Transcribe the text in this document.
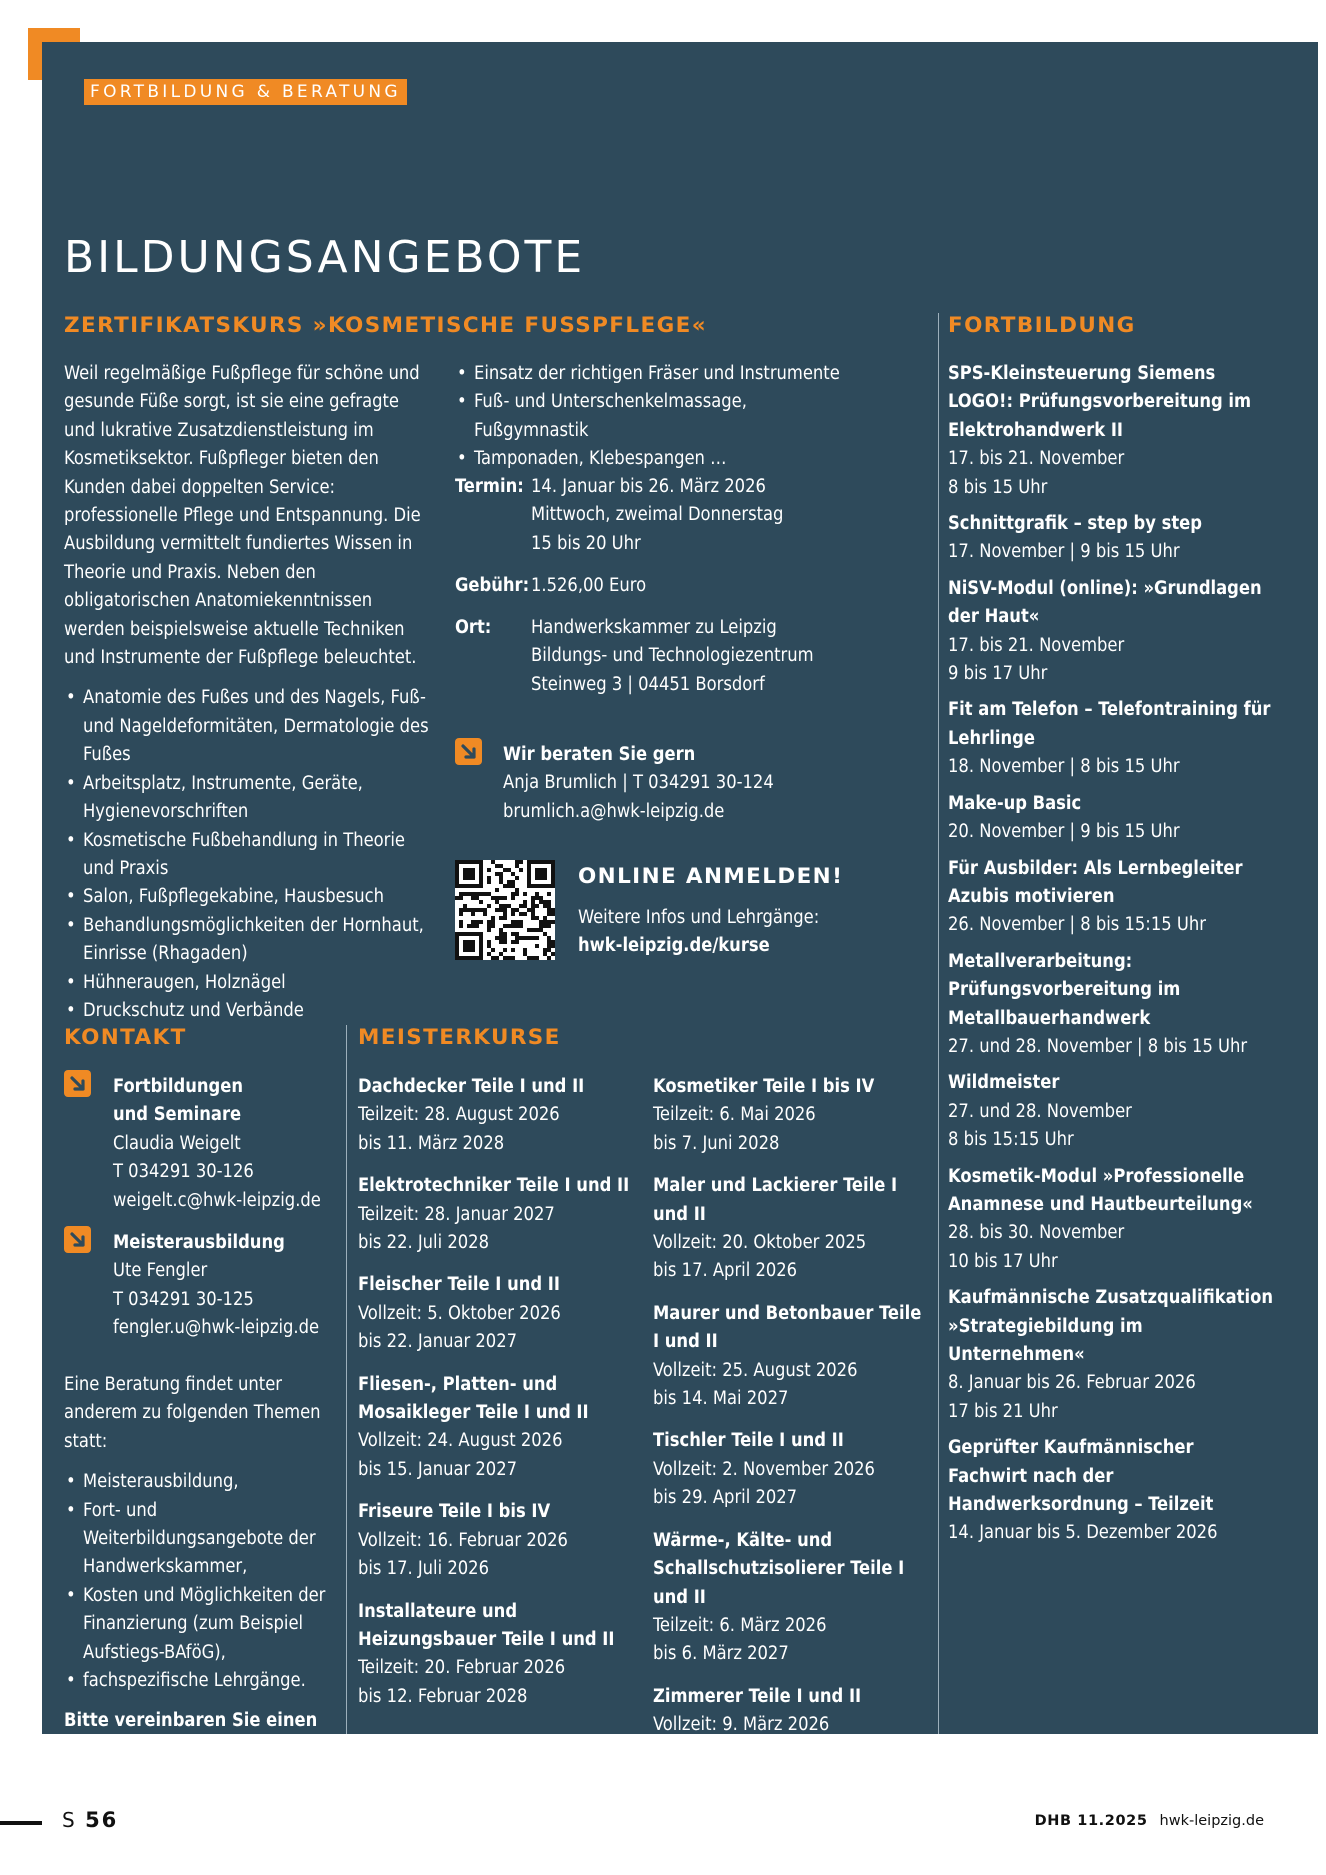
FORTBILDUNG & BERATUNG
BILDUNGSANGEBOTE
ZERTIFIKATSKURS »KOSMETISCHE FUSSPFLEGE«

Weil regelmäßige Fußpflege für schöne und gesunde Füße sorgt, ist sie eine gefragte und lukrative Zusatzdienstleistung im Kosmetiksektor. Fußpfleger bieten den Kunden dabei doppelten Service: professionelle Pflege und Entspannung. Die Ausbildung vermittelt fundiertes Wissen in Theorie und Praxis. Neben den obligatorischen Anatomiekenntnissen werden beispielsweise aktuelle Techniken und Instrumente der Fußpflege beleuchtet.

• Anatomie des Fußes und des Nagels, Fuß- und Nageldeformitäten, Dermatologie des Fußes
• Arbeitsplatz, Instrumente, Geräte, Hygienevorschriften
• Kosmetische Fußbehandlung in Theorie und Praxis
• Salon, Fußpflegekabine, Hausbesuch
• Behandlungsmöglichkeiten der Hornhaut, Einrisse (Rhagaden)
• Hühneraugen, Holznägel
• Druckschutz und Verbände
• Einsatz der richtigen Fräser und Instrumente
• Fuß- und Unterschenkelmassage, Fußgymnastik
• Tamponaden, Klebespangen …
Termin: 14. Januar bis 26. März 2026
Mittwoch, zweimal Donnerstag
15 bis 20 Uhr
Gebühr: 1.526,00 Euro
Ort:	Handwerkskammer zu Leipzig
Bildungs- und Technologiezentrum
Steinweg 3 | 04451 Borsdorf

Wir beraten Sie gern

Anja Brumlich | T 034291 30-124

brumlich.a@hwk-leipzig.de

ONLINE ANMELDEN!

Weitere Infos und Lehrgänge:

hwk-leipzig.de/kurse

FORTBILDUNG
SPS-Kleinsteuerung Siemens LOGO!: Prüfungsvorbereitung im Elektrohandwerk II
17. bis 21. November
8 bis 15 Uhr
Schnittgrafik – step by step
17. November | 9 bis 15 Uhr
NiSV-Modul (online): »Grundlagen der Haut«
17. bis 21. November
9 bis 17 Uhr
Fit am Telefon – Telefontraining für Lehrlinge
18. November | 8 bis 15 Uhr
Make-up Basic
20. November | 9 bis 15 Uhr
Für Ausbilder: Als Lernbegleiter Azubis motivieren
26. November | 8 bis 15:15 Uhr
Metallverarbeitung: Prüfungsvorbereitung im Metallbauerhandwerk
27. und 28. November | 8 bis 15 Uhr
Wildmeister
27. und 28. November
8 bis 15:15 Uhr
Kosmetik-Modul »Professionelle Anamnese und Hautbeurteilung«
28. bis 30. November
10 bis 17 Uhr
Kaufmännische Zusatzqualifikation »Strategiebildung im Unternehmen«
8. Januar bis 26. Februar 2026
17 bis 21 Uhr
Geprüfter Kaufmännischer Fachwirt nach der Handwerksordnung – Teilzeit
14. Januar bis 5. Dezember 2026
KONTAKT

Fortbildungen

und Seminare

Claudia Weigelt

T 034291 30-126

weigelt.c@hwk-leipzig.de

Meisterausbildung

Ute Fengler

T 034291 30-125

fengler.u@hwk-leipzig.de

Eine Beratung findet unter anderem zu folgenden Themen statt:

• Meisterausbildung,
• Fort- und Weiterbildungsangebote der Handwerkskammer,
• Kosten und Möglichkeiten der Finanzierung (zum Beispiel Aufstiegs-BAföG),
• fachspezifische Lehrgänge.

Bitte vereinbaren Sie einen individuellen Termin.

MEISTERKURSE
Dachdecker Teile I und II
Teilzeit: 28. August 2026
bis 11. März 2028
Elektrotechniker Teile I und II
Teilzeit: 28. Januar 2027
bis 22. Juli 2028
Fleischer Teile I und II
Vollzeit: 5. Oktober 2026
bis 22. Januar 2027
Fliesen-, Platten- und Mosaikleger Teile I und II
Vollzeit: 24. August 2026
bis 15. Januar 2027
Friseure Teile I bis IV
Vollzeit: 16. Februar 2026
bis 17. Juli 2026
Installateure und Heizungsbauer Teile I und II
Teilzeit: 20. Februar 2026
bis 12. Februar 2028
Kosmetiker Teile I bis IV
Teilzeit: 6. Mai 2026
bis 7. Juni 2028
Maler und Lackierer Teile I und II
Vollzeit: 20. Oktober 2025
bis 17. April 2026
Maurer und Betonbauer Teile I und II
Vollzeit: 25. August 2026
bis 14. Mai 2027
Tischler Teile I und II
Vollzeit: 2. November 2026
bis 29. April 2027
Wärme-, Kälte- und Schallschutzisolierer Teile I und II
Teilzeit: 6. März 2026
bis 6. März 2027
Zimmerer Teile I und II
Vollzeit: 9. März 2026
bis 18. Dezember 2026
S 56	DHB 11.2025 hwk-leipzig.de
